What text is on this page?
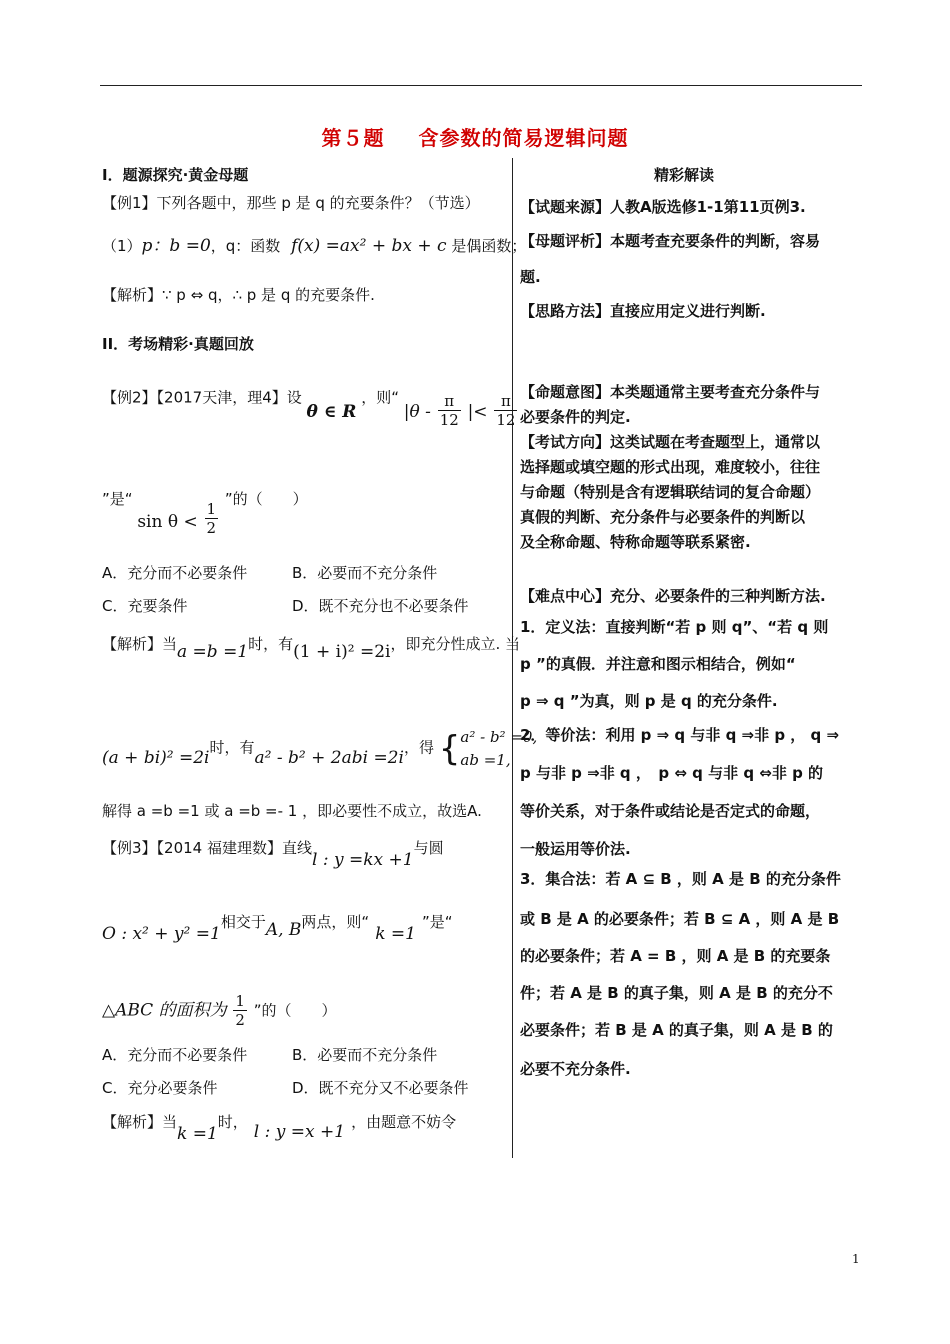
第５题 含参数的简易逻辑问题
I．题源探究·黄金母题
【例1】下列各题中，那些 p 是 q 的充要条件？（节选）
（1）p：b =0，q：函数 f(x) =ax² + bx + c 是偶函数；
【解析】∵ p ⇔ q，∴ p 是 q 的充要条件.
II．考场精彩·真题回放
【例2】【2017天津，理4】设 θ ∈ R ，则“ $|\theta - \frac{\pi}{12}$ |< $\frac{\pi}{12}$
”是“ $\sin \theta < \frac{1}{2}$
”的（　　）
A．充分而不必要条件	B．必要而不充分条件
C．充要条件	D．既不充分也不必要条件
【解析】当a =b =1时，有(1 + i)² =2i，即充分性成立. 当
(a + bi)² =2i时，有a² - b² + 2abi =2i，得 { a² - b² =0,
ab =1,
解得 a =b =1 或 a =b =- 1 ，即必要性不成立，故选A.
【例3】【2014 福建理数】直线l : y =kx +1与圆
O : x² + y² =1相交于A, B两点，则“k =1”是“
△ABC 的面积为 $\frac{1}{2}$ ”的（　　）
A．充分而不必要条件	B．必要而不充分条件
C．充分必要条件	D．既不充分又不必要条件
【解析】当k =1时， l : y =x +1 ，由题意不妨令
精彩解读
【试题来源】人教A版选修1-1第11页例3.
【母题评析】本题考查充要条件的判断，容易
题.
【思路方法】直接应用定义进行判断.
【命题意图】本类题通常主要考查充分条件与
必要条件的判定.
【考试方向】这类试题在考查题型上，通常以
选择题或填空题的形式出现，难度较小，往往
与命题（特别是含有逻辑联结词的复合命题）
真假的判断、充分条件与必要条件的判断以
及全称命题、特称命题等联系紧密.
【难点中心】充分、必要条件的三种判断方法.
1．定义法：直接判断“若 p 则 q”、“若 q 则
p ”的真假．并注意和图示相结合，例如“
p ⇒ q ”为真，则 p 是 q 的充分条件.
2．等价法：利用 p ⇒ q 与非 q ⇒非 p ， q ⇒
p 与非 p ⇒非 q ，　p ⇔ q 与非 q ⇔非 p 的
等价关系，对于条件或结论是否定式的命题，
一般运用等价法.
3．集合法：若 A ⊆ B ，则 A 是 B 的充分条件
或 B 是 A 的必要条件；若 B ⊆ A ，则 A 是 B
的必要条件；若 A = B ，则 A 是 B 的充要条
件；若 A 是 B 的真子集，则 A 是 B 的充分不
必要条件；若 B 是 A 的真子集，则 A 是 B 的
必要不充分条件.
1
